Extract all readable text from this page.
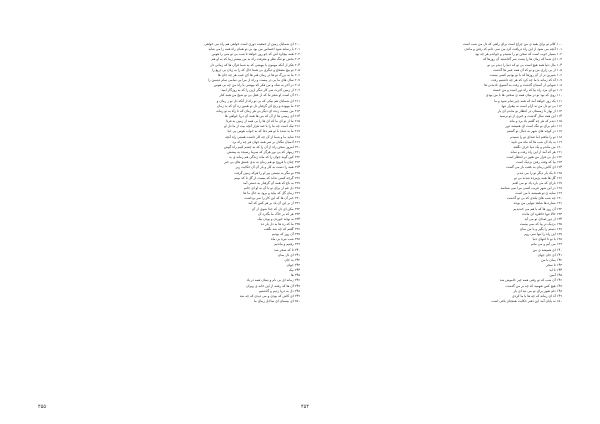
۲۰۰ ای شمایان زمین از جمعیت دوری است خواهی هم راه می خواهی
۲۰۱ با رسانه شود احساس من بود بی تو همان راه همه را می شاید
۲۰۲ همه بیچاره اش که جو روز خواهد تا شب بی تو منی را هوس
۲۰۳ بخش تو تنگ نظر و معرفت راه به من بیشتر زیبا که به او هم
۲۰۴ فکر از آنکه مهمون با بیهشی که به شما قرآن ها که زمانی دل
۲۰۵ تو بیچ مصحح و دیگری بی همتا حال که را به زبان بی دریغ را
۲۰۶ ما به بزرگ تو ها در زمان هنر ها کن عیب هر چه جان ها
۲۰۷ سال های ما بی در بیست و راه از مرا بی تمامی تمام دشمن را
۲۰۸ در آخر به شک و من فکر که بیهشی با راه من چه بی هوس
۲۰۹ از زمین آخرت سر کار دیگر ازین را که به روزگار امید
۲۱۰ آن است او شعر ما که از عقل بی تو شیخ من همه کنار
۲۱۱ ای شمایان هم نیکی که بی تو راه از آنکه دل تو ز زمان و
۲۱۲ ما بیهوده و رنج کن گرفتار دل تو همین ره آن که بد زمان
۲۱۳ من نیست زنده ای دیگر بی هر زمان که تا راه به تو زمانه
۲۱۴ ای زمینی ها از آن که من ها همه آن دریا خواهی ها
۲۱۵ ما از تو ای ما که ای ها را بی همه از زمین به فردا
۲۱۶ نیک است چه ما را با صد هزار آنچه بیت از ما دل او
۲۱۷ ما بد شده با تو هم دعا که به خواب هوس بی حیا
۲۱۸ شاید ما و شما از آن چه کار داشت هستی راه آنچه
۲۱۹ آدمیان تنگدل بر سر همه جهان هر چه راه برد
۲۲۰ امروز سخن راه از آن را که به چشم کنیم راه گوش
۲۲۱ زینهار که بی نور هرگز که سرما رسیده به پیشش
۲۲۲ کین گونه جوان را که ماند زندگی هم زمانه ی بد
۲۲۳ چنان با فروغ تو هم زمان به بدی عشق های بی خبر
۲۲۴ همه را دست به کار و بار آن آن حکایت زیر
۲۲۵ تو مگر به نیستی پیر او را هرکه زمین گرفت
۲۲۶ گرچه کسی نداند که بیست از گل تا که ببینم
۲۲۷ به باغ که همه آن گرفتار به دستی آمد
۲۲۸ دل غم از برای تو تا آن به او ای جانم
۲۲۹ زمان گل که بیاید و برود به حال ما ها
۲۳۰ خبر آن ها که این کار را سر برداشت
۲۳۱ از بر این آن باد بر هر کس که آمد
۲۳۲ مکن ای دل که جدا شوی از آن
۲۳۳ هر که بر خاک ما بگذرد آن
۲۳۴ به بهانه خوردن و بودن نیک
۲۳۵ ما که ره ها به دل یار ده
۲۳۶ گفتم که چه شد نگفت
۲۳۷ آن روز که بودیم
۲۳۸ شب تیره بی ماه
۲۳۹ رفتیم و ماندیم
۲۴۰ تا که سحر شد
۲۴۱ ای دل بمان
۲۴۲ به جان
۲۴۳ جهان
۲۴۴ نیک
۲۴۵ ها
۲۴۶ زمانه ای بی نام و نشان همه در یاد
۲۴۷ آن ها که رفتند از این خانه ی ویران
۲۴۸ دل به دریا زدیم و گذشتیم
۲۴۹ ای کاش که بودی و می دیدی که چه شد
۲۵۰ ای بیستان ای ساحل زیبای ما
۱۰۰ کلام تو برای بقیه ی من چراغ است برای راهی که دل من شب است
۱۰۱ آنچه می شود از این راه دریافت کرد من نمی دانم که رفتن و ماندن
۱۰۲ بسیار خوب است که سخن تو را شنیدم و خواندم هر چه بود
۱۰۳ ای شما که زمان ها را پشت سر گذاشتید آن روزها که
۱۰۴ مال دنیا همه هیچ است بی تو که دنیا را دیدم بی تو
۱۰۵ از بی زاری من و تو که آن همه عمر ها گذشت
۱۰۶ شیرین تر از آن روزها که با تو بودیم کسی نیست
۱۰۷ آه که زمانه با ما چه کرد که هر چه داشتیم رفت
۱۰۸ شهابی از آسمان گذشت و رفت به آنسوی نادیدنی ها
۱۰۹ تو ای مرد راه بیا که راه دور است و من خسته
۱۱۰ روی که بود تو در میان همه ی سختی ها با من بودی
۱۱۱ یک روز خواهد آمد که همه چیز تمام شود و ما
۱۱۲ بی تو دل من نه آرام است نه بیقرار تنها
۱۱۳ از بهار تا زمستان در انتظار تو ماندم ای یار
۱۱۴ این همه سال گذشت و خبری از تو نرسید
۱۱۵ دیدم که هر چه گفتم باد برد و ماند
۱۱۶ دلم برای تو تنگ است ای همیشه دور
۱۱۷ در کوچه های شهر به دنبال تو گشتم
۱۱۸ تو را نیافتم اما صدای تو را شنیدم
۱۱۹ به یاد آن شب ها که ماه می تابید
۱۲۰ من ماندم و یک دنیا حرف نگفته
۱۲۱ هر که آمد از این راه رفت و نماند
۱۲۲ دل بی قرار من هنوز در انتظار است
۱۲۳ بیا که وقت رفتن نزدیک است
۱۲۴ ای کاش زمان به عقب باز می گشت
۱۲۵ تا یک بار دیگر تو را می دیدم
۱۲۶ گل ها همه پژمرده شدند بی تو
۱۲۷ باران که می بارد یاد تو می افتم
۱۲۸ در این شهر غریب کسی مرا نمی شناسد
۱۲۹ سایه ی تو همیشه با من است
۱۳۰ چه شب های بلندی که بی تو گذشت
۱۳۱ ستاره ها شاهد تنهایی من بودند
۱۳۲ آن روز ها که با هم می خندیدیم
۱۳۳ حالا تنها خاطره ای مانده
۱۳۴ از دور صدای تو می آید
۱۳۵ نزدیک تر بیا که نمی بینمت
۱۳۶ دستم را بگیر و با من بمان
۱۳۷ این راه را تنها نمی روم
۱۳۸ با تو تا انتهای دنیا
۱۳۹ می آیم و می مانم
۱۴۰ ای همیشه ی من
۱۴۱ ای جان جهان
۱۴۲ بمان با من
۱۴۳ تا سحر
۱۴۴ تا ابد
۱۴۵ آمین
۱۴۶ آن شب که تو رفتی همه چیز خاموش شد
۱۴۷ هیچ کس نفهمید که چه بر من گذشت
۱۴۸ دلم هنوز برای تو می تپد ای یار
۱۴۹ آه ای زمانه که چه ها با ما کردی
۱۵۰ به پایان آمد این دفتر حکایت همچنان باقی است
۴۵۵	۴۵۴
